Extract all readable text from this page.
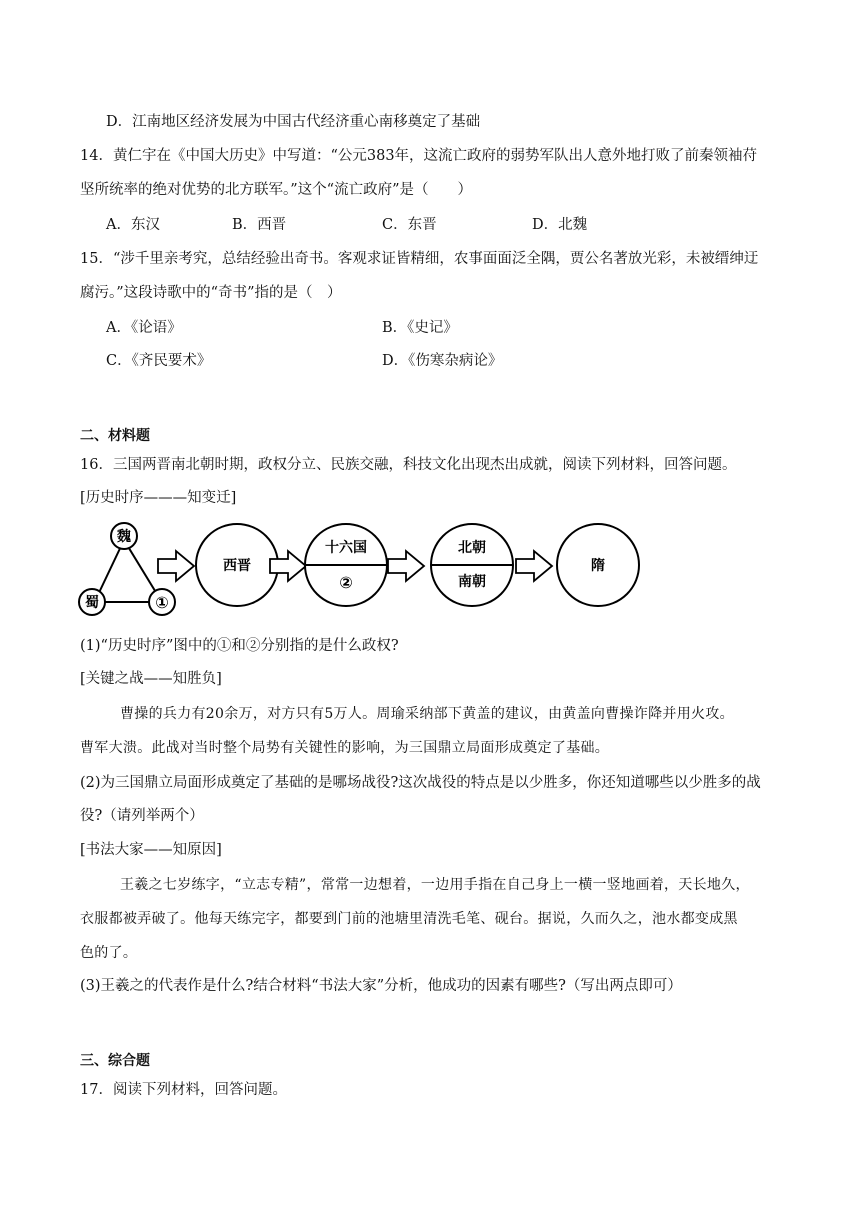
D．江南地区经济发展为中国古代经济重心南移奠定了基础
14．黄仁宇在《中国大历史》中写道：“公元383年，这流亡政府的弱势军队出人意外地打败了前秦领袖苻
坚所统率的绝对优势的北方联军。”这个“流亡政府”是（　　）
A．东汉	B．西晋	C．东晋	D．北魏
15．“涉千里亲考究，总结经验出奇书。客观求证皆精细，农事面面泛全隅，贾公名著放光彩，未被缙绅迂
腐污。”这段诗歌中的“奇书”指的是（　）
A．《论语》	B．《史记》
C．《齐民要术》	D．《伤寒杂病论》
二、材料题
16．三国两晋南北朝时期，政权分立、民族交融，科技文化出现杰出成就，阅读下列材料，回答问题。
[历史时序———知变迁]
魏
蜀	①
西晋
十六国
②
北朝
南朝
隋
(1)“历史时序”图中的①和②分别指的是什么政权?
[关键之战——知胜负]
曹操的兵力有20余万，对方只有5万人。周瑜采纳部下黄盖的建议，由黄盖向曹操诈降并用火攻。
曹军大溃。此战对当时整个局势有关键性的影响，为三国鼎立局面形成奠定了基础。
(2)为三国鼎立局面形成奠定了基础的是哪场战役?这次战役的特点是以少胜多，你还知道哪些以少胜多的战
役?（请列举两个）
[书法大家——知原因]
王羲之七岁练字，“立志专精”，常常一边想着，一边用手指在自己身上一横一竖地画着，天长地久，
衣服都被弄破了。他每天练完字，都要到门前的池塘里清洗毛笔、砚台。据说，久而久之，池水都变成黑
色的了。
(3)王羲之的代表作是什么?结合材料“书法大家”分析，他成功的因素有哪些?（写出两点即可）
三、综合题
17．阅读下列材料，回答问题。
